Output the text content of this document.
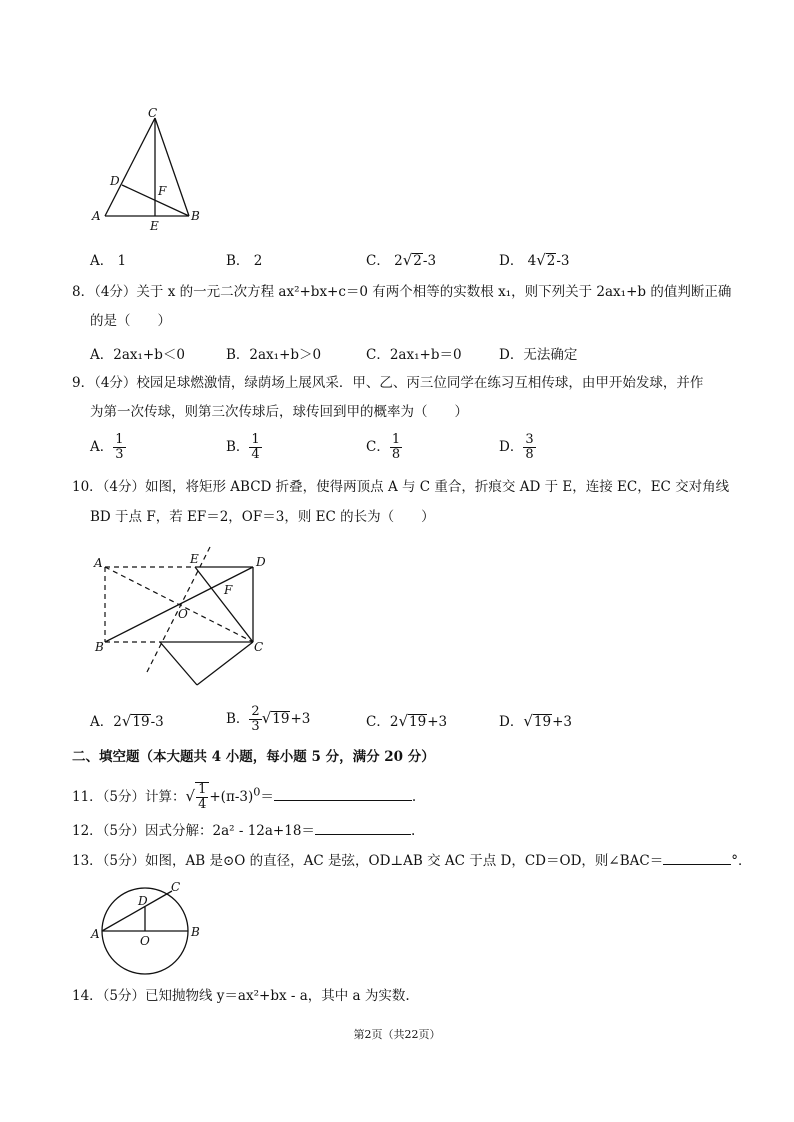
C
D
F
A	B
E
A． 1	B． 2	C． 2√2-3	D． 4√2-3
8．（4分）关于 x 的一元二次方程 ax²+bx+c＝0 有两个相等的实数根 x₁，则下列关于 2ax₁+b 的值判断正确
的是（　　）
A．2ax₁+b＜0	B．2ax₁+b＞0	C．2ax₁+b＝0	D．无法确定
9．（4分）校园足球燃激情，绿荫场上展风采．甲、乙、丙三位同学在练习互相传球，由甲开始发球，并作
为第一次传球，则第三次传球后，球传回到甲的概率为（　　）
A． $\frac{1}{3}$	B． $\frac{1}{4}$	C． $\frac{1}{8}$	D． $\frac{3}{8}$
10．（4分）如图，将矩形 ABCD 折叠，使得两顶点 A 与 C 重合，折痕交 AD 于 E，连接 EC，EC 交对角线
BD 于点 F，若 EF＝2，OF＝3，则 EC 的长为（　　）
A	E	D
F
O
B	C
A．2√19-3	B． $\frac{2}{3} √19+3$	C．2√19+3	D．√19+3
二、填空题（本大题共 4 小题，每小题 5 分，满分 20 分）
11．（5分）计算：√ $\frac{1}{4} +(\pi-3)^0=$	.
12．（5分）因式分解：2a² - 12a+18＝	.
13．（5分）如图，AB 是⊙O 的直径，AC 是弦，OD⊥AB 交 AC 于点 D，CD＝OD，则∠BAC＝	°．
C
D
A	O
B
14．（5分）已知抛物线 y＝ax²+bx - a，其中 a 为实数.
第2页（共22页）
